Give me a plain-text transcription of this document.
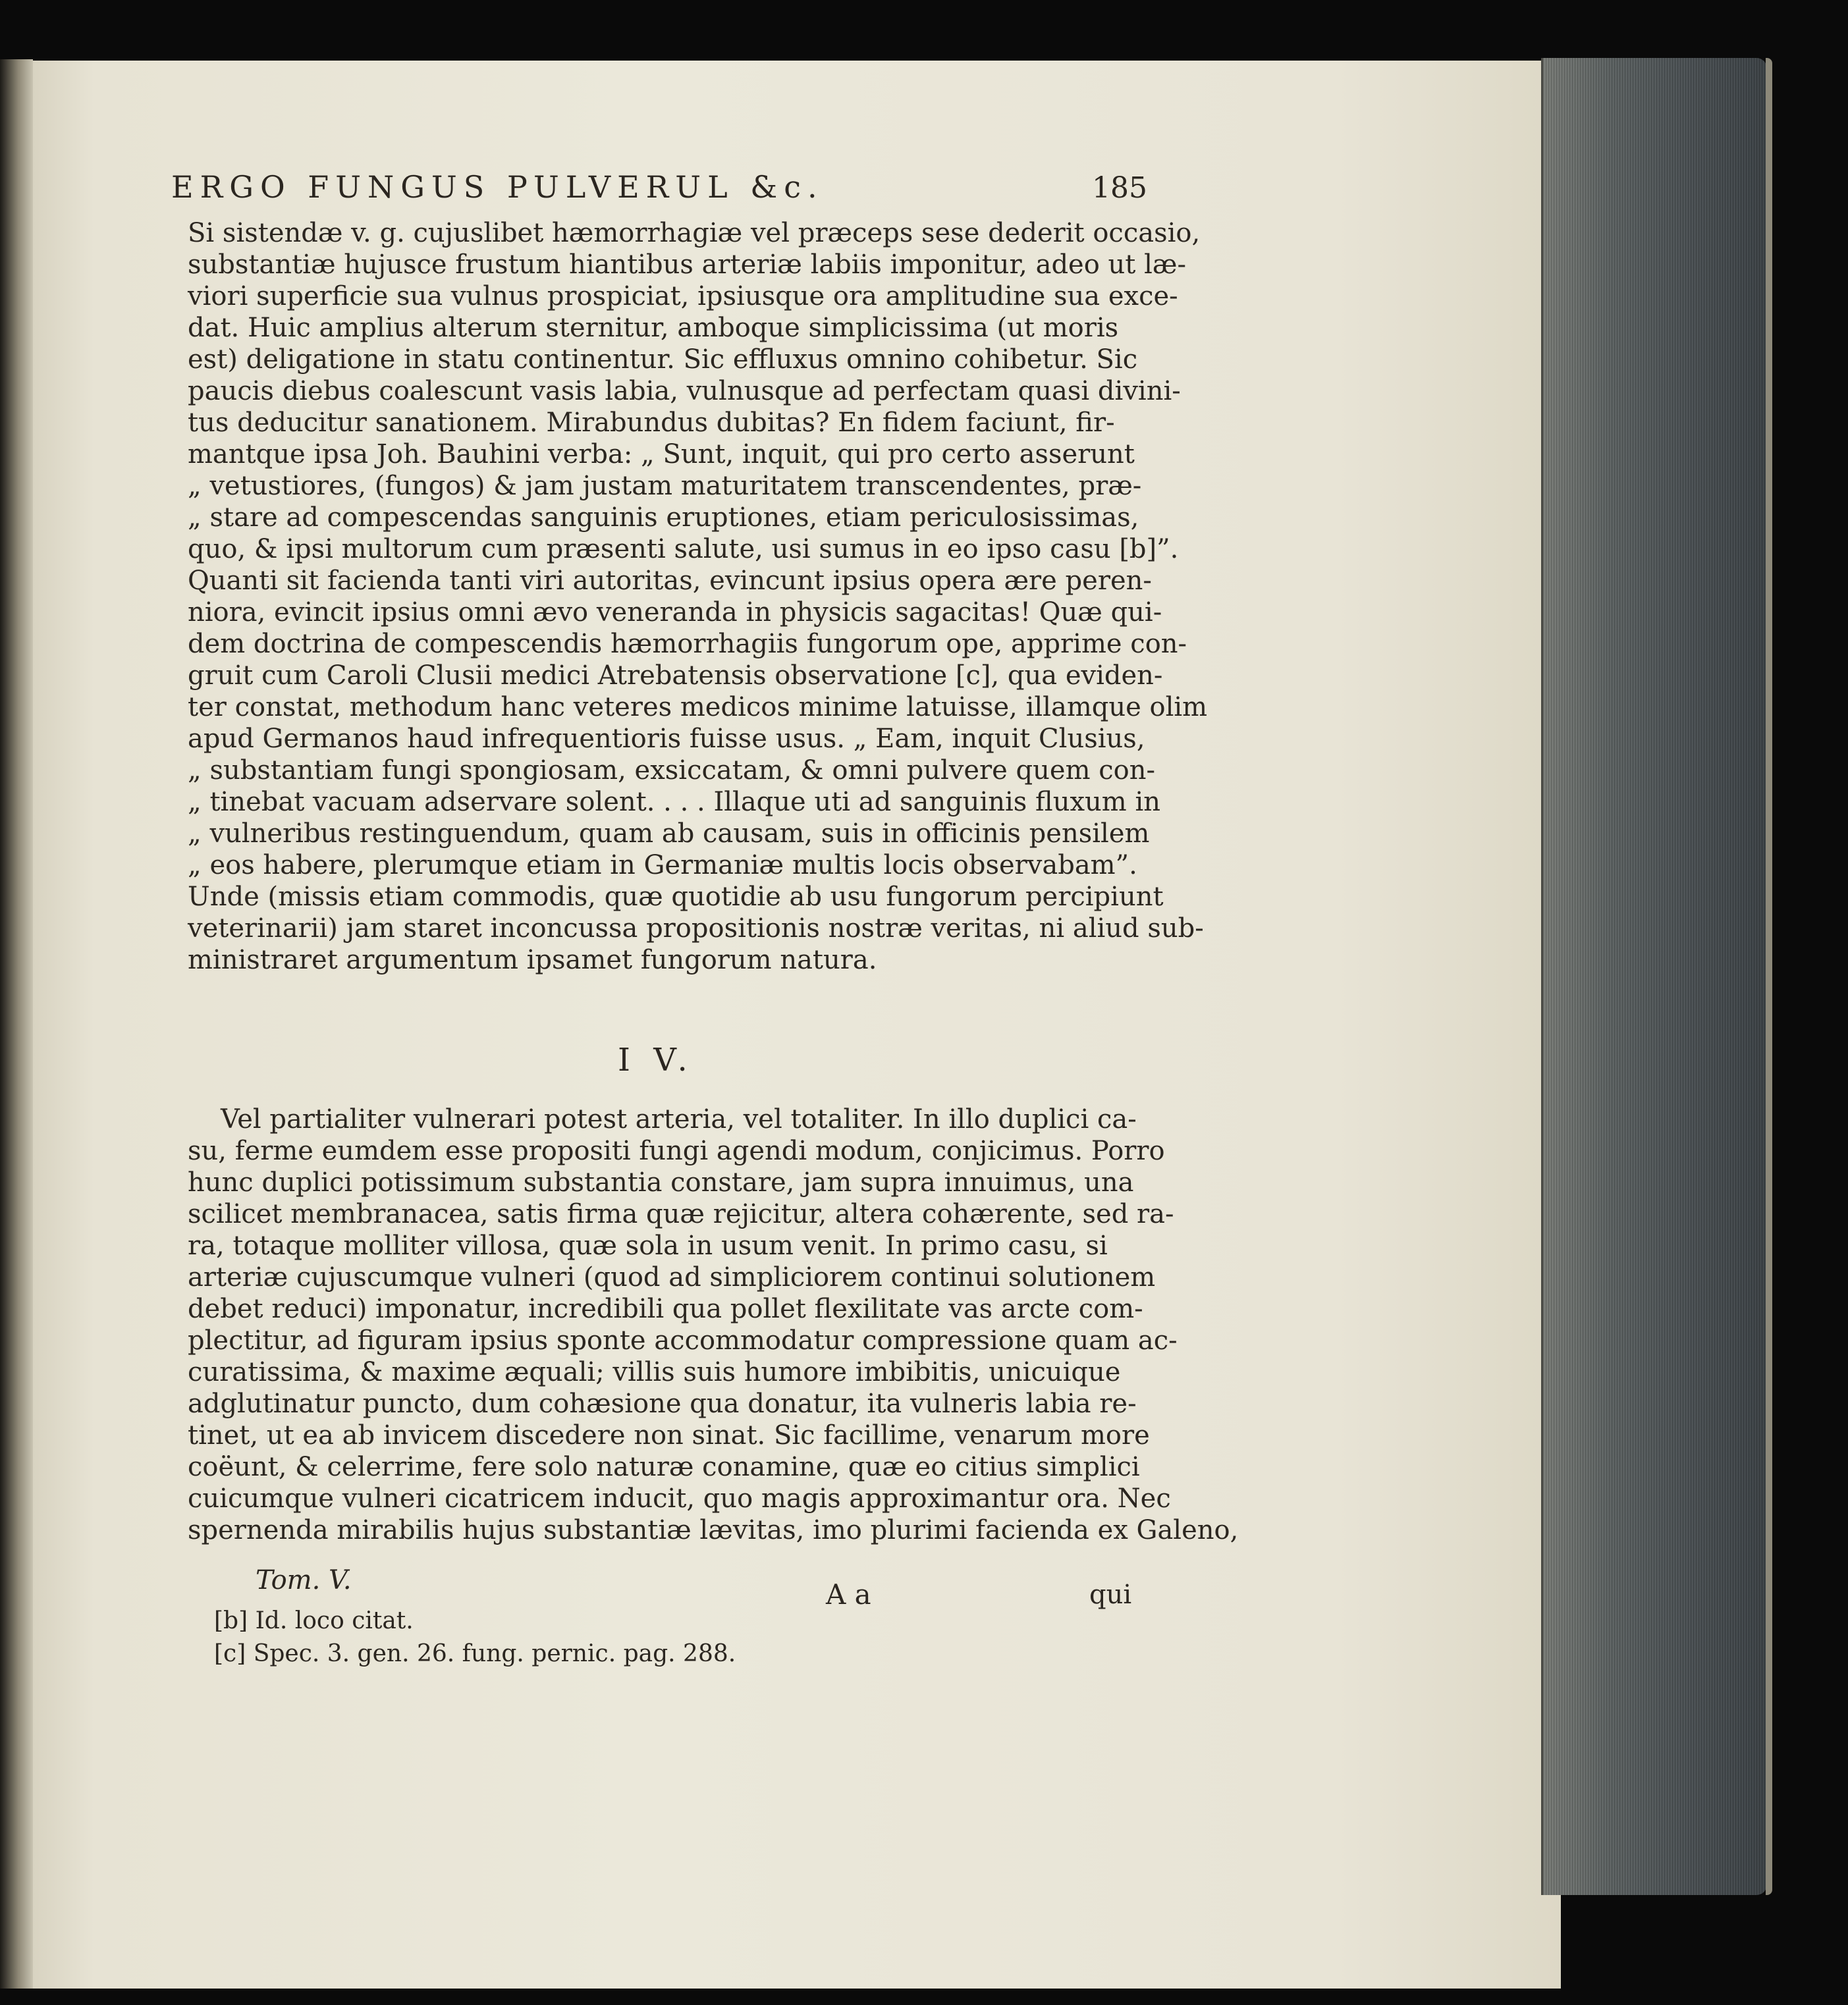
ERGO FUNGUS PULVERUL &c.	185
Si sistendæ v. g. cujuslibet hæmorrhagiæ vel præceps sese dederit occasio,
substantiæ hujusce frustum hiantibus arteriæ labiis imponitur, adeo ut læ-
viori superficie sua vulnus prospiciat, ipsiusque ora amplitudine sua exce-
dat. Huic amplius alterum sternitur, amboque simplicissima (ut moris
est) deligatione in statu continentur. Sic effluxus omnino cohibetur. Sic
paucis diebus coalescunt vasis labia, vulnusque ad perfectam quasi divini-
tus deducitur sanationem. Mirabundus dubitas? En fidem faciunt, fir-
mantque ipsa Joh. Bauhini verba: „ Sunt, inquit, qui pro certo asserunt
„ vetustiores, (fungos) & jam justam maturitatem transcendentes, præ-
„ stare ad compescendas sanguinis eruptiones, etiam periculosissimas,
quo, & ipsi multorum cum præsenti salute, usi sumus in eo ipso casu [b]”.
Quanti sit facienda tanti viri autoritas, evincunt ipsius opera ære peren-
niora, evincit ipsius omni ævo veneranda in physicis sagacitas! Quæ qui-
dem doctrina de compescendis hæmorrhagiis fungorum ope, apprime con-
gruit cum Caroli Clusii medici Atrebatensis observatione [c], qua eviden-
ter constat, methodum hanc veteres medicos minime latuisse, illamque olim
apud Germanos haud infrequentioris fuisse usus. „ Eam, inquit Clusius,
„ substantiam fungi spongiosam, exsiccatam, & omni pulvere quem con-
„ tinebat vacuam adservare solent. . . . Illaque uti ad sanguinis fluxum in
„ vulneribus restinguendum, quam ab causam, suis in officinis pensilem
„ eos habere, plerumque etiam in Germaniæ multis locis observabam”.
Unde (missis etiam commodis, quæ quotidie ab usu fungorum percipiunt
veterinarii) jam staret inconcussa propositionis nostræ veritas, ni aliud sub-
ministraret argumentum ipsamet fungorum natura.
I V.
Vel partialiter vulnerari potest arteria, vel totaliter. In illo duplici ca-
su, ferme eumdem esse propositi fungi agendi modum, conjicimus. Porro
hunc duplici potissimum substantia constare, jam supra innuimus, una
scilicet membranacea, satis firma quæ rejicitur, altera cohærente, sed ra-
ra, totaque molliter villosa, quæ sola in usum venit. In primo casu, si
arteriæ cujuscumque vulneri (quod ad simpliciorem continui solutionem
debet reduci) imponatur, incredibili qua pollet flexilitate vas arcte com-
plectitur, ad figuram ipsius sponte accommodatur compressione quam ac-
curatissima, & maxime æquali; villis suis humore imbibitis, unicuique
adglutinatur puncto, dum cohæsione qua donatur, ita vulneris labia re-
tinet, ut ea ab invicem discedere non sinat. Sic facillime, venarum more
coëunt, & celerrime, fere solo naturæ conamine, quæ eo citius simplici
cuicumque vulneri cicatricem inducit, quo magis approximantur ora. Nec
spernenda mirabilis hujus substantiæ lævitas, imo plurimi facienda ex Galeno,
Tom. V.	A a	qui
[b] Id. loco citat.
[c] Spec. 3. gen. 26. fung. pernic. pag. 288.
